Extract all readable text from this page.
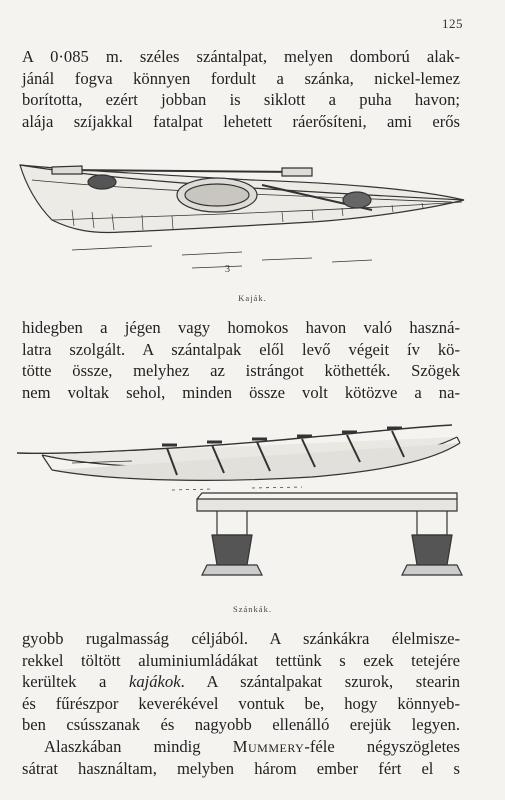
125

A 0·085 m. széles szántalpat, melyen domború alak-
jánál fogva könnyen fordult a szánka, nickel-lemez
borította, ezért jobban is siklott a puha havon;
alája szíjakkal fatalpat lehetett ráerősíteni, ami erős

3
Kaják.

hidegben a jégen vagy homokos havon való haszná-
latra szolgált. A szántalpak elől levő végeit ív kö-
tötte össze, melyhez az istrángot köthették. Szögek
nem voltak sehol, minden össze volt kötözve a na-

Szánkák.

gyobb rugalmasság céljából. A szánkákra élelmisze-
rekkel töltött aluminiumládákat tettünk s ezek tetejére
kerültek a kajákok. A szántalpakat szurok, stearin
és fűrészpor keverékével vontuk be, hogy könnyeb-
ben csússzanak és nagyobb ellenálló erejük legyen.
Alaszkában mindig Mummery-féle négyszögletes
sátrat használtam, melyben három ember fért el s
